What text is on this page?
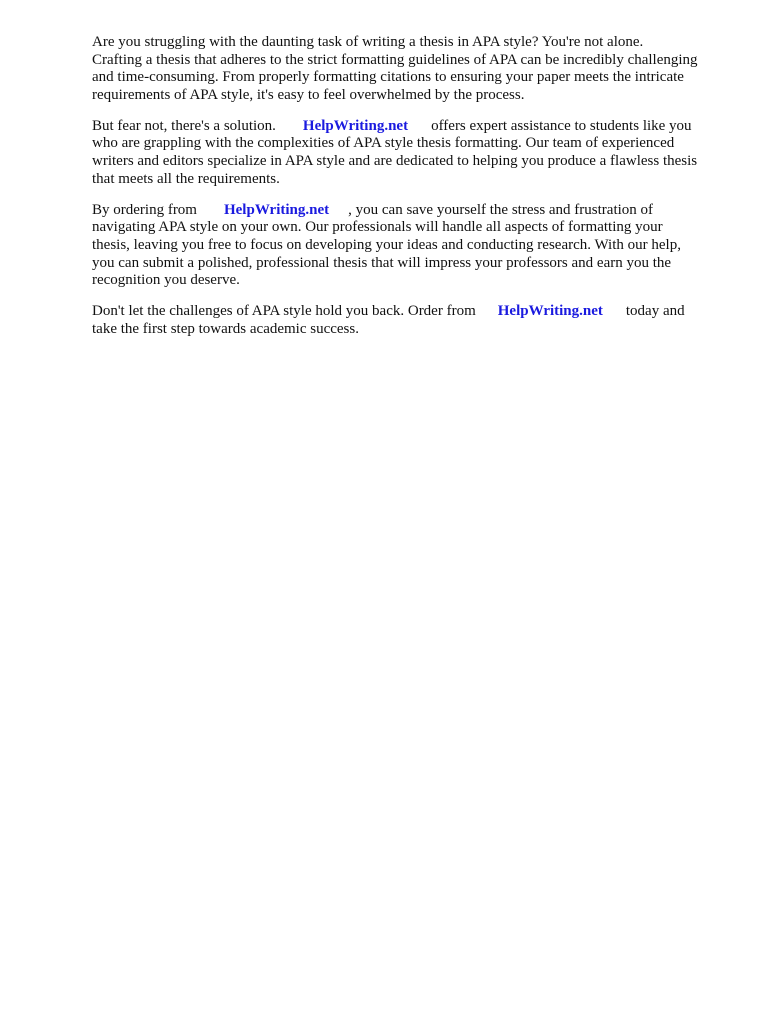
Are you struggling with the daunting task of writing a thesis in APA style? You're not alone.
Crafting a thesis that adheres to the strict formatting guidelines of APA can be incredibly challenging
and time-consuming. From properly formatting citations to ensuring your paper meets the intricate
requirements of APA style, it's easy to feel overwhelmed by the process.
But fear not, there's a solution. HelpWriting.net offers expert assistance to students like you
who are grappling with the complexities of APA style thesis formatting. Our team of experienced
writers and editors specialize in APA style and are dedicated to helping you produce a flawless thesis
that meets all the requirements.
By ordering from HelpWriting.net , you can save yourself the stress and frustration of
navigating APA style on your own. Our professionals will handle all aspects of formatting your
thesis, leaving you free to focus on developing your ideas and conducting research. With our help,
you can submit a polished, professional thesis that will impress your professors and earn you the
recognition you deserve.
Don't let the challenges of APA style hold you back. Order from HelpWriting.net today and
take the first step towards academic success.
